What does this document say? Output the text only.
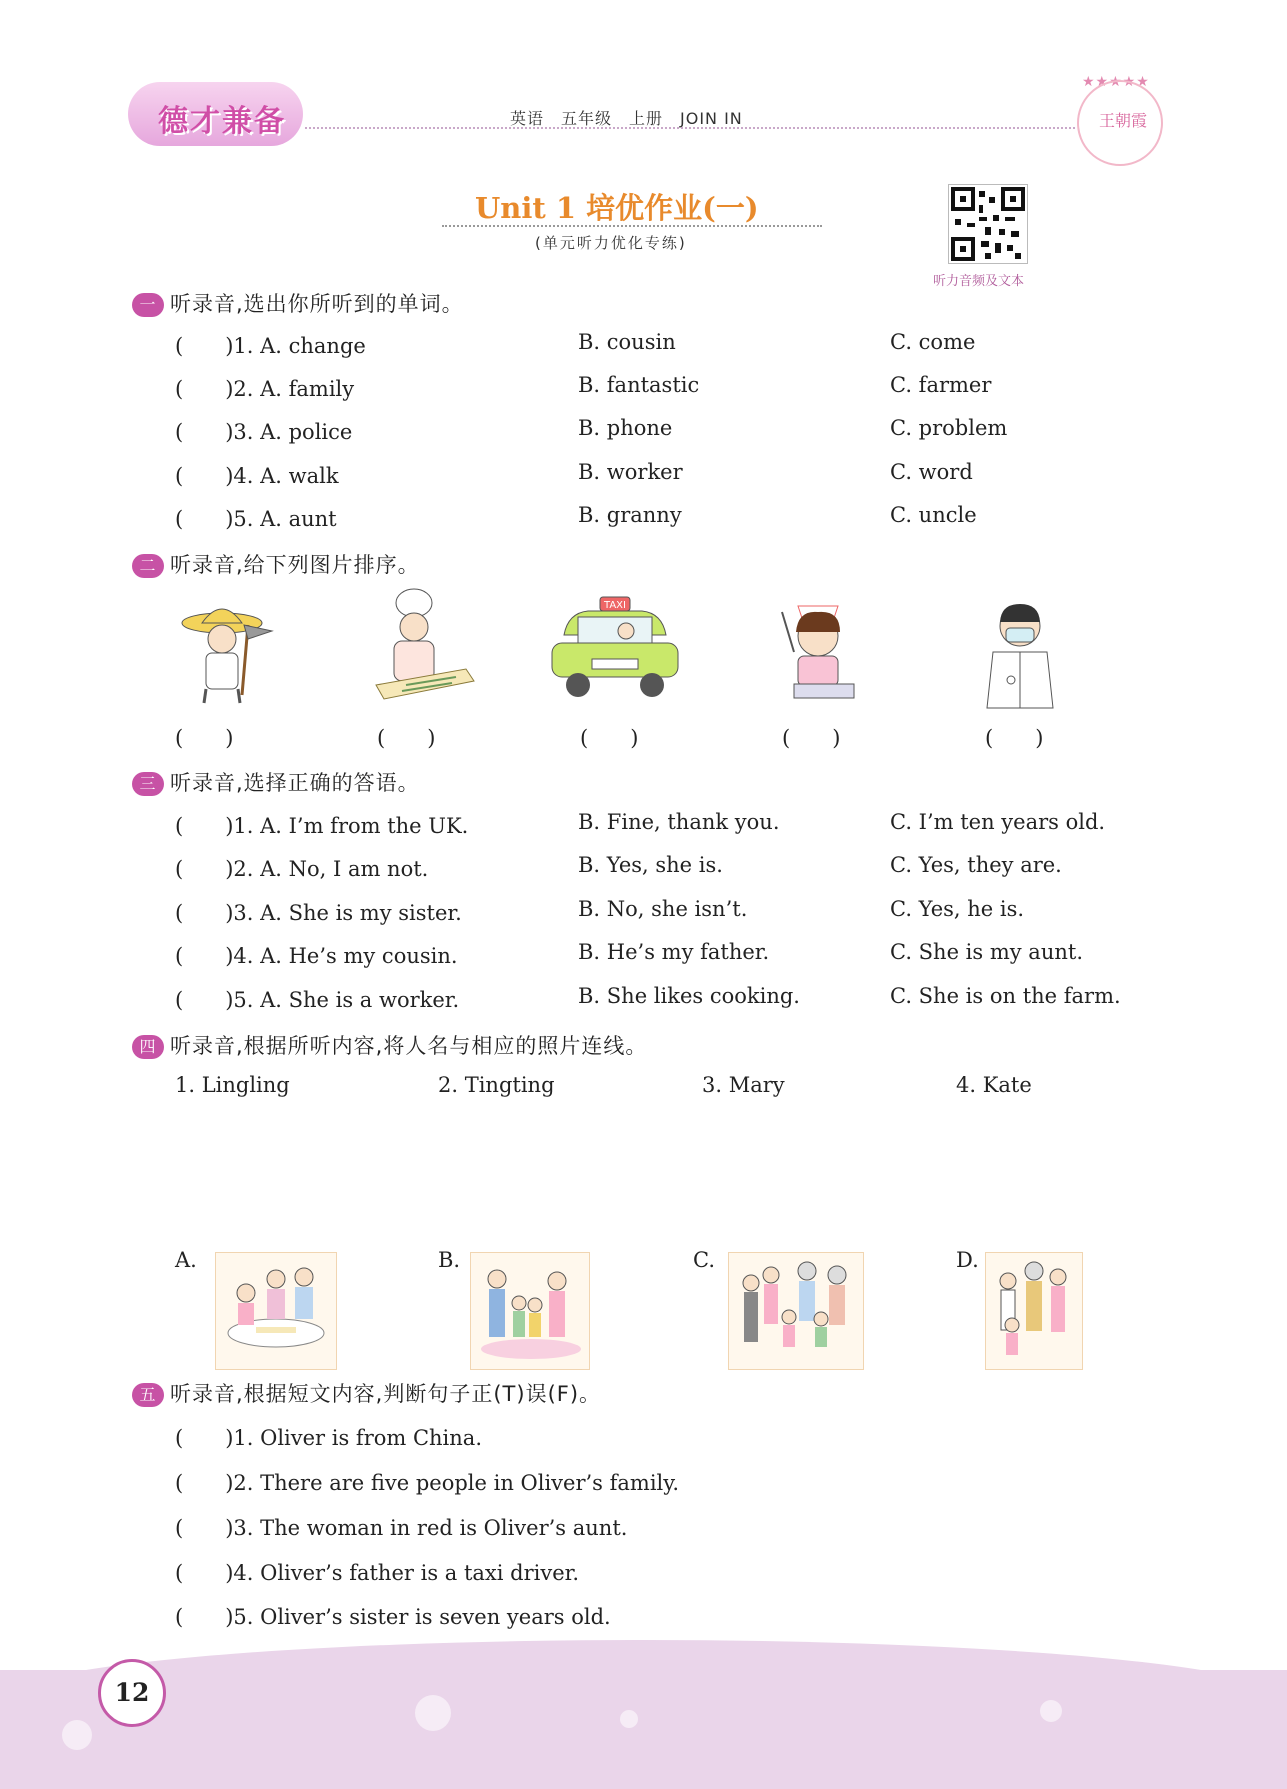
德才兼备	英语　五年级　上册　JOIN IN
★★★★★
王朝霞
Unit 1 培优作业(一)
(单元听力优化专练)
听力音频及文本
一 听录音,选出你所听到的单词。
(　　)1. A. change	B. cousin	C. come
(　　)2. A. family	B. fantastic	C. farmer
(　　)3. A. police	B. phone	C. problem
(　　)4. A. walk	B. worker	C. word
(　　)5. A. aunt	B. granny	C. uncle
二 听录音,给下列图片排序。
TAXI
(　　)	(　　)	(　　)	(　　)	(　　)
三 听录音,选择正确的答语。
(　　)1. A. I’m from the UK.	B. Fine, thank you.	C. I’m ten years old.
(　　)2. A. No, I am not.	B. Yes, she is.	C. Yes, they are.
(　　)3. A. She is my sister.	B. No, she isn’t.	C. Yes, he is.
(　　)4. A. He’s my cousin.	B. He’s my father.	C. She is my aunt.
(　　)5. A. She is a worker.	B. She likes cooking.	C. She is on the farm.
四 听录音,根据所听内容,将人名与相应的照片连线。
1. Lingling	2. Tingting	3. Mary	4. Kate
A.	B.	C.	D.
五 听录音,根据短文内容,判断句子正(T)误(F)。
(　　)1. Oliver is from China.
(　　)2. There are five people in Oliver’s family.
(　　)3. The woman in red is Oliver’s aunt.
(　　)4. Oliver’s father is a taxi driver.
(　　)5. Oliver’s sister is seven years old.
12
